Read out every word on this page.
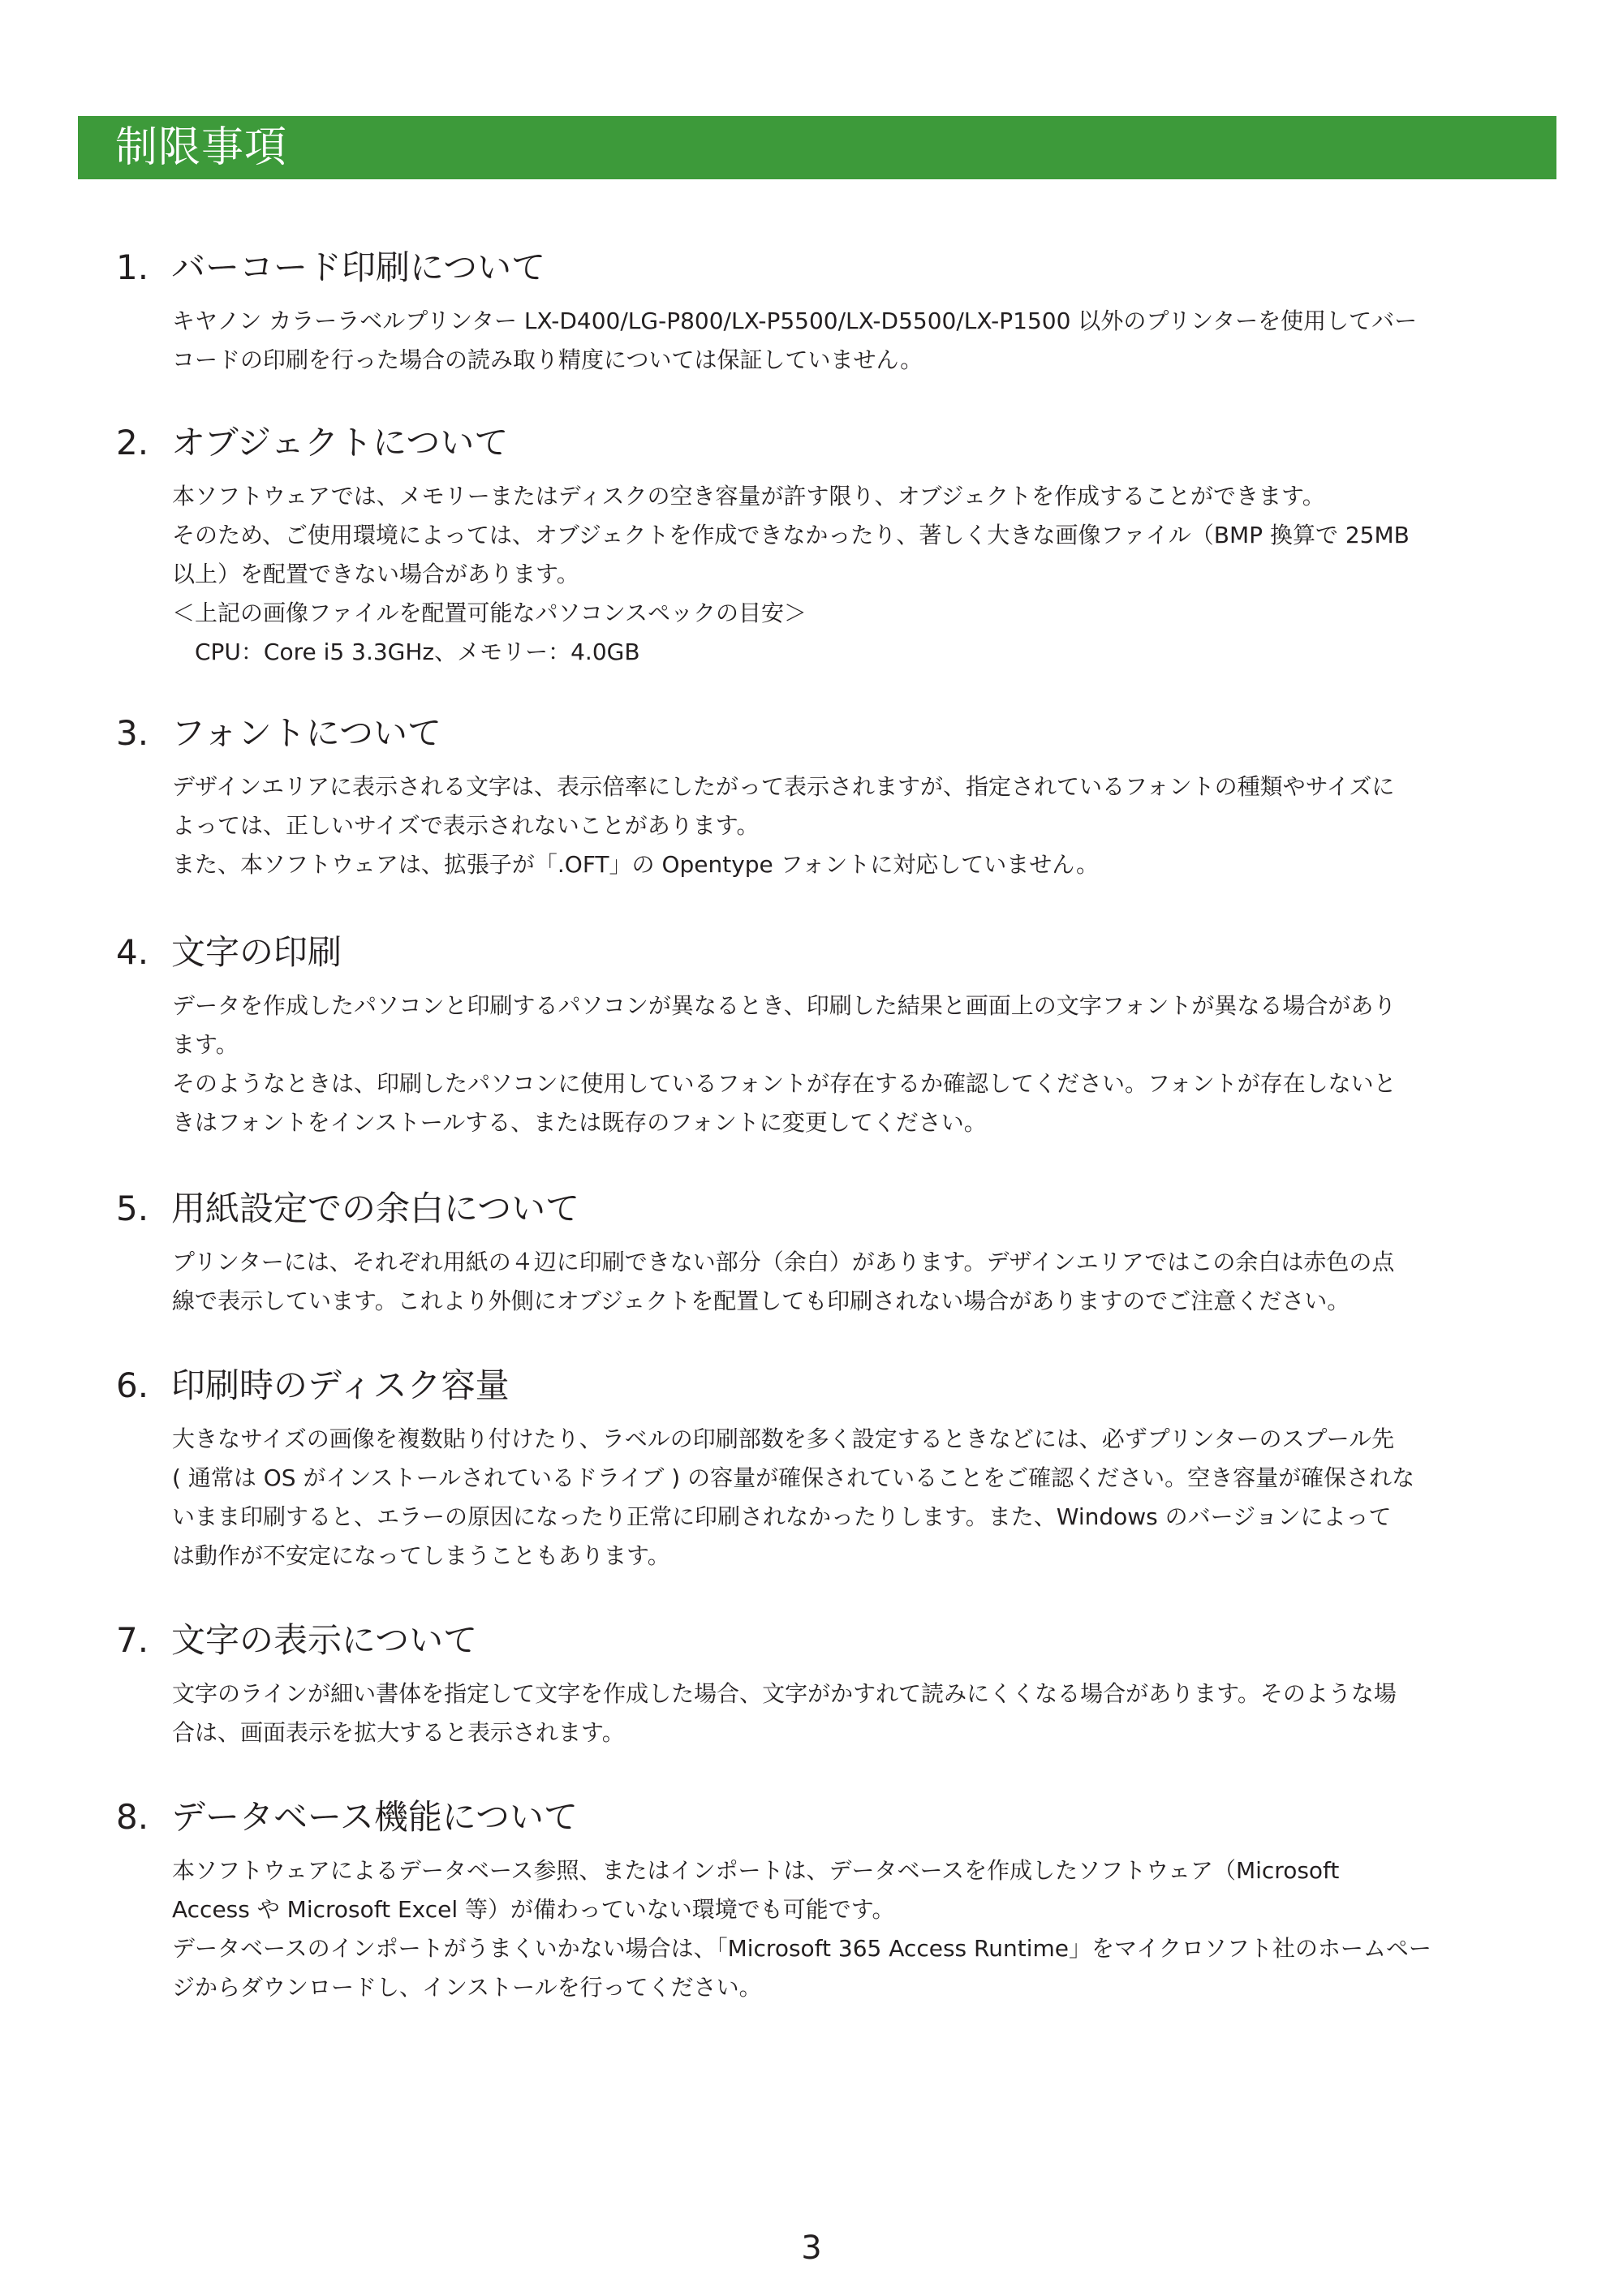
制限事項
1. バーコード印刷について
キヤノン カラーラベルプリンター LX-D400/LG-P800/LX-P5500/LX-D5500/LX-P1500 以外のプリンターを使用してバー
コードの印刷を行った場合の読み取り精度については保証していません。
2. オブジェクトについて
本ソフトウェアでは、メモリーまたはディスクの空き容量が許す限り、オブジェクトを作成することができます。
そのため、ご使用環境によっては、オブジェクトを作成できなかったり、著しく大きな画像ファイル（BMP 換算で 25MB
以上）を配置できない場合があります。
＜上記の画像ファイルを配置可能なパソコンスペックの目安＞
CPU：Core i5 3.3GHz、メモリー：4.0GB
3. フォントについて
デザインエリアに表示される文字は、表示倍率にしたがって表示されますが、指定されているフォントの種類やサイズに
よっては、正しいサイズで表示されないことがあります。
また、本ソフトウェアは、拡張子が「.OFT」の Opentype フォントに対応していません。
4. 文字の印刷
データを作成したパソコンと印刷するパソコンが異なるとき、印刷した結果と画面上の文字フォントが異なる場合があり
ます。
そのようなときは、印刷したパソコンに使用しているフォントが存在するか確認してください。フォントが存在しないと
きはフォントをインストールする、または既存のフォントに変更してください。
5. 用紙設定での余白について
プリンターには、それぞれ用紙の４辺に印刷できない部分（余白）があります。デザインエリアではこの余白は赤色の点
線で表示しています。これより外側にオブジェクトを配置しても印刷されない場合がありますのでご注意ください。
6. 印刷時のディスク容量
大きなサイズの画像を複数貼り付けたり、ラベルの印刷部数を多く設定するときなどには、必ずプリンターのスプール先
( 通常は OS がインストールされているドライブ ) の容量が確保されていることをご確認ください。空き容量が確保されな
いまま印刷すると、エラーの原因になったり正常に印刷されなかったりします。また、Windows のバージョンによって
は動作が不安定になってしまうこともあります。
7. 文字の表示について
文字のラインが細い書体を指定して文字を作成した場合、文字がかすれて読みにくくなる場合があります。そのような場
合は、画面表示を拡大すると表示されます。
8. データベース機能について
本ソフトウェアによるデータベース参照、またはインポートは、データベースを作成したソフトウェア（Microsoft
Access や Microsoft Excel 等）が備わっていない環境でも可能です。
データベースのインポートがうまくいかない場合は、「Microsoft 365 Access Runtime」をマイクロソフト社のホームペー
ジからダウンロードし、インストールを行ってください。
3
